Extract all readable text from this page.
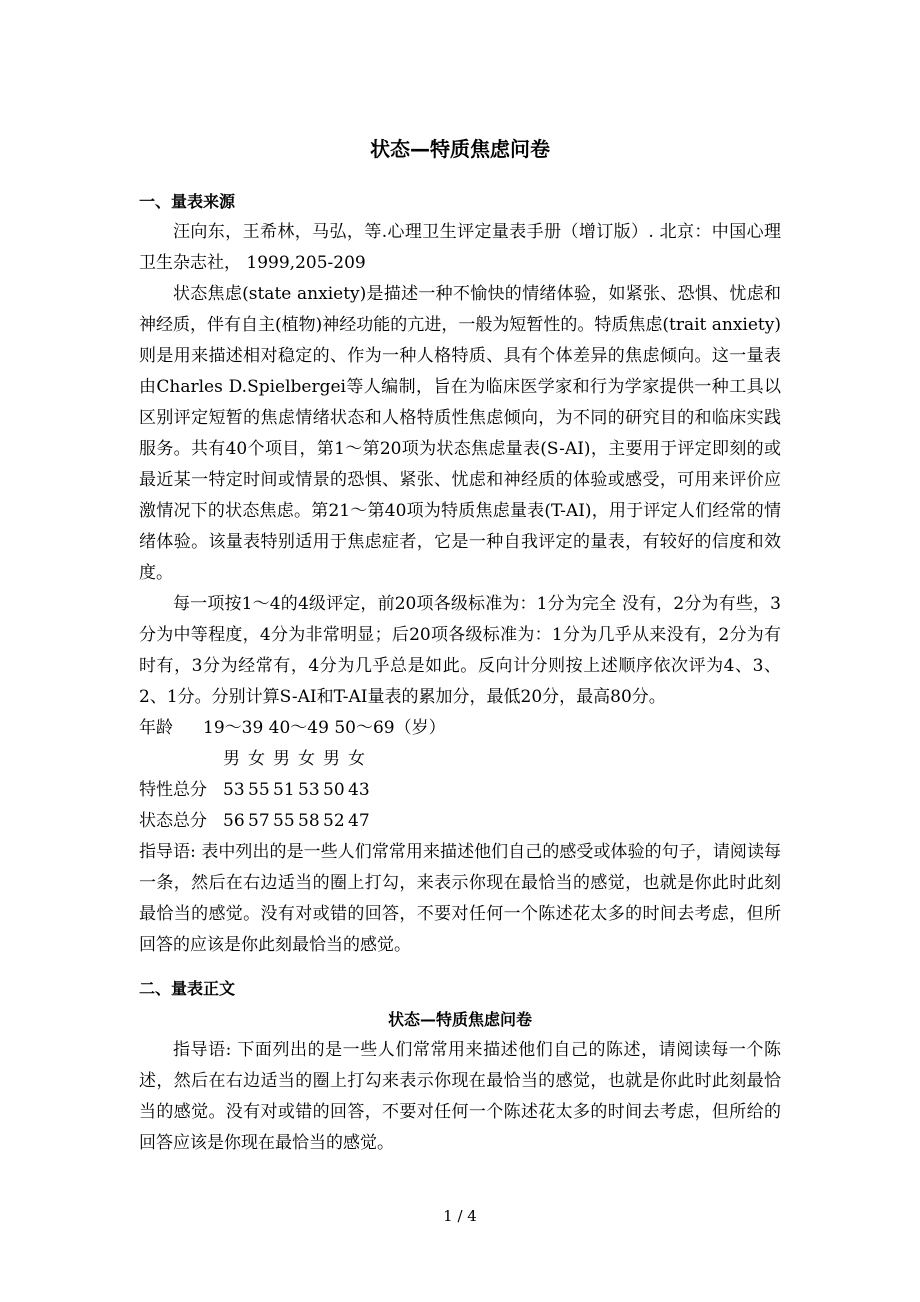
状态—特质焦虑问卷

一、量表来源

汪向东，王希林，马弘，等.心理卫生评定量表手册（增订版）. 北京：中国心理卫生杂志社， 1999,205-209

状态焦虑(state anxiety)是描述一种不愉快的情绪体验，如紧张、恐惧、忧虑和神经质，伴有自主(植物)神经功能的亢进，一般为短暂性的。特质焦虑(trait anxiety)则是用来描述相对稳定的、作为一种人格特质、具有个体差异的焦虑倾向。这一量表由Charles D.Spielbergei等人编制，旨在为临床医学家和行为学家提供一种工具以区别评定短暂的焦虑情绪状态和人格特质性焦虑倾向，为不同的研究目的和临床实践服务。共有40个项目，第1～第20项为状态焦虑量表(S-AI)，主要用于评定即刻的或最近某一特定时间或情景的恐惧、紧张、忧虑和神经质的体验或感受，可用来评价应激情况下的状态焦虑。第21～第40项为特质焦虑量表(T-AI)，用于评定人们经常的情绪体验。该量表特别适用于焦虑症者，它是一种自我评定的量表，有较好的信度和效度。

每一项按1～4的4级评定，前20项各级标准为：1分为完全 没有，2分为有些，3分为中等程度，4分为非常明显；后20项各级标准为：1分为几乎从来没有，2分为有时有，3分为经常有，4分为几乎总是如此。反向计分则按上述顺序依次评为4、3、2、1分。分别计算S-AI和T-AI量表的累加分，最低20分，最高80分。

年龄	19～39 40～49 50～69（岁）
男 女 男 女 男 女
特性总分 53 55 51 53 50 43
状态总分 56 57 55 58 52 47

指导语: 表中列出的是一些人们常常用来描述他们自己的感受或体验的句子，请阅读每一条，然后在右边适当的圈上打勾，来表示你现在最恰当的感觉，也就是你此时此刻最恰当的感觉。没有对或错的回答，不要对任何一个陈述花太多的时间去考虑，但所回答的应该是你此刻最恰当的感觉。

二、量表正文

状态—特质焦虑问卷

指导语: 下面列出的是一些人们常常用来描述他们自己的陈述，请阅读每一个陈述，然后在右边适当的圈上打勾来表示你现在最恰当的感觉，也就是你此时此刻最恰当的感觉。没有对或错的回答，不要对任何一个陈述花太多的时间去考虑，但所给的回答应该是你现在最恰当的感觉。

1 / 4
